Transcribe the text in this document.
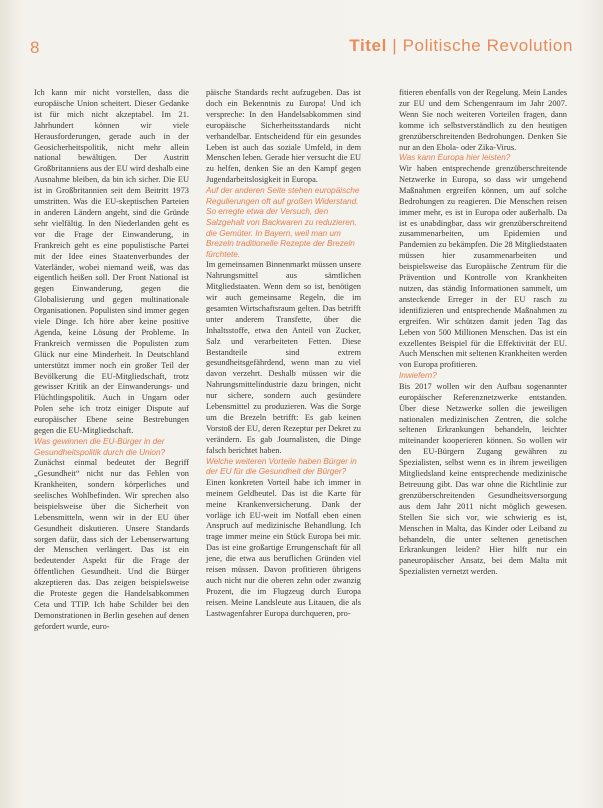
8	Titel | Politische Revolution

Ich kann mir nicht vorstellen, dass die europäische Union scheitert. Dieser Gedanke ist für mich nicht akzeptabel. Im 21. Jahrhundert können wir viele Herausforderungen, gerade auch in der Geosicherheitspolitik, nicht mehr allein national bewältigen. Der Austritt Großbritanniens aus der EU wird deshalb eine Ausnahme bleiben, da bin ich sicher. Die EU ist in Großbritannien seit dem Beitritt 1973 umstritten. Was die EU-skeptischen Parteien in anderen Ländern angeht, sind die Gründe sehr vielfältig. In den Niederlanden geht es vor die Frage der Einwanderung, in Frankreich geht es eine populistische Partei mit der Idee eines Staatenverbundes der Vaterländer, wobei niemand weiß, was das eigentlich heißen soll. Der Front National ist gegen Einwanderung, gegen die Globalisierung und gegen multinationale Organisationen. Populisten sind immer gegen viele Dinge. Ich höre aber keine positive Agenda, keine Lösung der Probleme. In Frankreich vermissen die Populisten zum Glück nur eine Minderheit. In Deutschland unterstützt immer noch ein großer Teil der Bevölkerung die EU-Mitgliedschaft, trotz gewisser Kritik an der Einwanderungs- und Flüchtlingspolitik. Auch in Ungarn oder Polen sehe ich trotz einiger Dispute auf europäischer Ebene seine Bestrebungen gegen die EU-Mitgliedschaft.

Was gewinnen die EU-Bürger in der Gesundheitspolitik durch die Union?

Zunächst einmal bedeutet der Begriff „Gesundheit“ nicht nur das Fehlen von Krankheiten, sondern körperliches und seelisches Wohlbefinden. Wir sprechen also beispielsweise über die Sicherheit von Lebensmitteln, wenn wir in der EU über Gesundheit diskutieren. Unsere Standards sorgen dafür, dass sich der Lebenserwartung der Menschen verlängert. Das ist ein bedeutender Aspekt für die Frage der öffentlichen Gesundheit. Und die Bürger akzeptieren das. Das zeigen beispielsweise die Proteste gegen die Handelsabkommen Ceta und TTIP. Ich habe Schilder bei den Demonstrationen in Berlin gesehen auf denen gefordert wurde, euro-

päische Standards recht aufzugeben. Das ist doch ein Bekenntnis zu Europa! Und ich verspreche: In den Handelsabkommen sind europäische Sicherheitsstandards nicht verhandelbar. Entscheidend für ein gesundes Leben ist auch das soziale Umfeld, in dem Menschen leben. Gerade hier versucht die EU zu helfen, denken Sie an den Kampf gegen Jugendarbeitslosigkeit in Europa.

Auf der anderen Seite stehen europäische Regulierungen oft auf großen Widerstand. So erregte etwa der Versuch, den Salzgehalt von Backwaren zu reduzieren, die Gemüter. In Bayern, weil man um Brezeln traditionelle Rezepte der Brezeln fürchtete.

Im gemeinsamen Binnenmarkt müssen unsere Nahrungsmittel aus sämtlichen Mitgliedstaaten. Wenn dem so ist, benötigen wir auch gemeinsame Regeln, die im gesamten Wirtschaftsraum gelten. Das betrifft unter anderem Transfette, über die Inhaltsstoffe, etwa den Anteil von Zucker, Salz und verarbeiteten Fetten. Diese Bestandteile sind extrem gesundheitsgefährdend, wenn man zu viel davon verzehrt. Deshalb müssen wir die Nahrungsmittelindustrie dazu bringen, nicht nur sichere, sondern auch gesündere Lebensmittel zu produzieren. Was die Sorge um die Brezeln betrifft: Es gab keinen Vorstoß der EU, deren Rezeptur per Dekret zu verändern. Es gab Journalisten, die Dinge falsch berichtet haben.

Welche weiteren Vorteile haben Bürger in der EU für die Gesundheit der Bürger?

Einen konkreten Vorteil habe ich immer in meinem Geldbeutel. Das ist die Karte für meine Krankenversicherung. Dank der vorläge ich EU-weit im Notfall eben einen Anspruch auf medizinische Behandlung. Ich trage immer meine ein Stück Europa bei mir. Das ist eine großartige Errungenschaft für all jene, die etwa aus beruflichen Gründen viel reisen müssen. Davon profitieren übrigens auch nicht nur die oberen zehn oder zwanzig Prozent, die im Flugzeug durch Europa reisen. Meine Landsleute aus Litauen, die als Lastwagenfahrer Europa durchqueren, pro-

fitieren ebenfalls von der Regelung. Mein Landes zur EU und dem Schengenraum im Jahr 2007. Wenn Sie noch weiteren Vorteilen fragen, dann komme ich selbstverständlich zu den heutigen grenzüberschreitenden Bedrohungen. Denken Sie nur an den Ebola- oder Zika-Virus.

Was kann Europa hier leisten?

Wir haben entsprechende grenzüberschreitende Netzwerke in Europa, so dass wir umgehend Maßnahmen ergreifen können, um auf solche Bedrohungen zu reagieren. Die Menschen reisen immer mehr, es ist in Europa oder außerhalb. Da ist es unabdingbar, dass wir grenzüberschreitend zusammenarbeiten, um Epidemien und Pandemien zu bekämpfen. Die 28 Mitgliedstaaten müssen hier zusammenarbeiten und beispielsweise das Europäische Zentrum für die Prävention und Kontrolle von Krankheiten nutzen, das ständig Informationen sammelt, um ansteckende Erreger in der EU rasch zu identifizieren und entsprechende Maßnahmen zu ergreifen. Wir schützen damit jeden Tag das Leben von 500 Millionen Menschen. Das ist ein exzellentes Beispiel für die Effektivität der EU. Auch Menschen mit seltenen Krankheiten werden von Europa profitieren.

Inwiefern?

Bis 2017 wollen wir den Aufbau sogenannter europäischer Referenznetzwerke entstanden. Über diese Netzwerke sollen die jeweiligen nationalen medizinischen Zentren, die solche seltenen Erkrankungen behandeln, leichter miteinander kooperieren können. So wollen wir den EU-Bürgern Zugang gewähren zu Spezialisten, selbst wenn es in ihrem jeweiligen Mitgliedsland keine entsprechende medizinische Betreuung gibt. Das war ohne die Richtlinie zur grenzüberschreitenden Gesundheitsversorgung aus dem Jahr 2011 nicht möglich gewesen. Stellen Sie sich vor, wie schwierig es ist, Menschen in Malta, das Kinder oder Leiband zu behandeln, die unter seltenen genetischen Erkrankungen leiden? Hier hilft nur ein paneuropäischer Ansatz, bei dem Malta mit Spezialisten vernetzt werden.
